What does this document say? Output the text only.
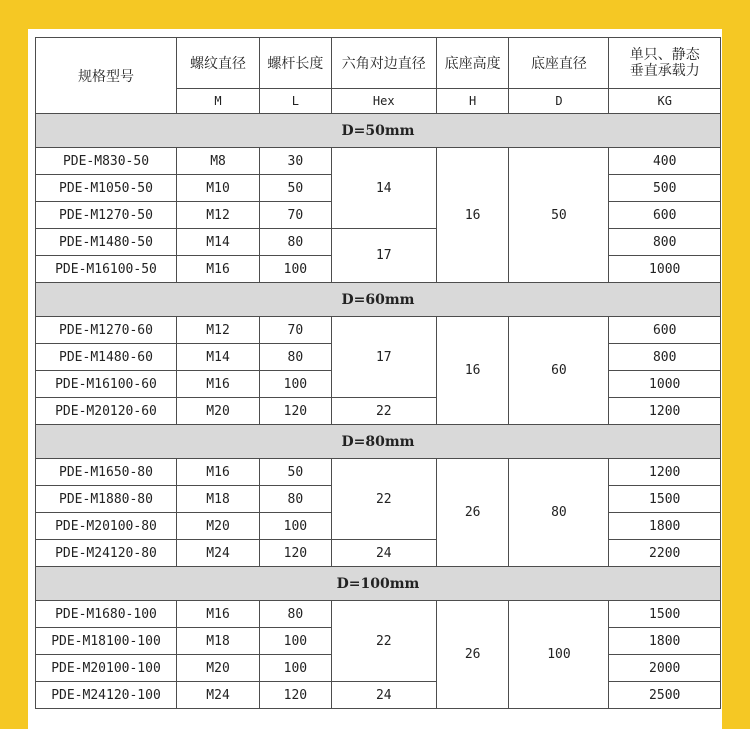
规格型号	螺纹直径	螺杆长度	六角对边直径	底座高度	底座直径	单只、静态
垂直承载力
	M	L	Hex	H	D	KG
D=50mm						
PDE-M830-50	M8	30	14	16	50	400
PDE-M1050-50	M10	50				500
PDE-M1270-50	M12	70				600
PDE-M1480-50	M14	80	17			800
PDE-M16100-50	M16	100				1000
D=60mm						
PDE-M1270-60	M12	70	17	16	60	600
PDE-M1480-60	M14	80				800
PDE-M16100-60	M16	100				1000
PDE-M20120-60	M20	120	22			1200
D=80mm						
PDE-M1650-80	M16	50	22	26	80	1200
PDE-M1880-80	M18	80				1500
PDE-M20100-80	M20	100				1800
PDE-M24120-80	M24	120	24			2200
D=100mm						
PDE-M1680-100	M16	80	22	26	100	1500
PDE-M18100-100	M18	100				1800
PDE-M20100-100	M20	100				2000
PDE-M24120-100	M24	120	24			2500
